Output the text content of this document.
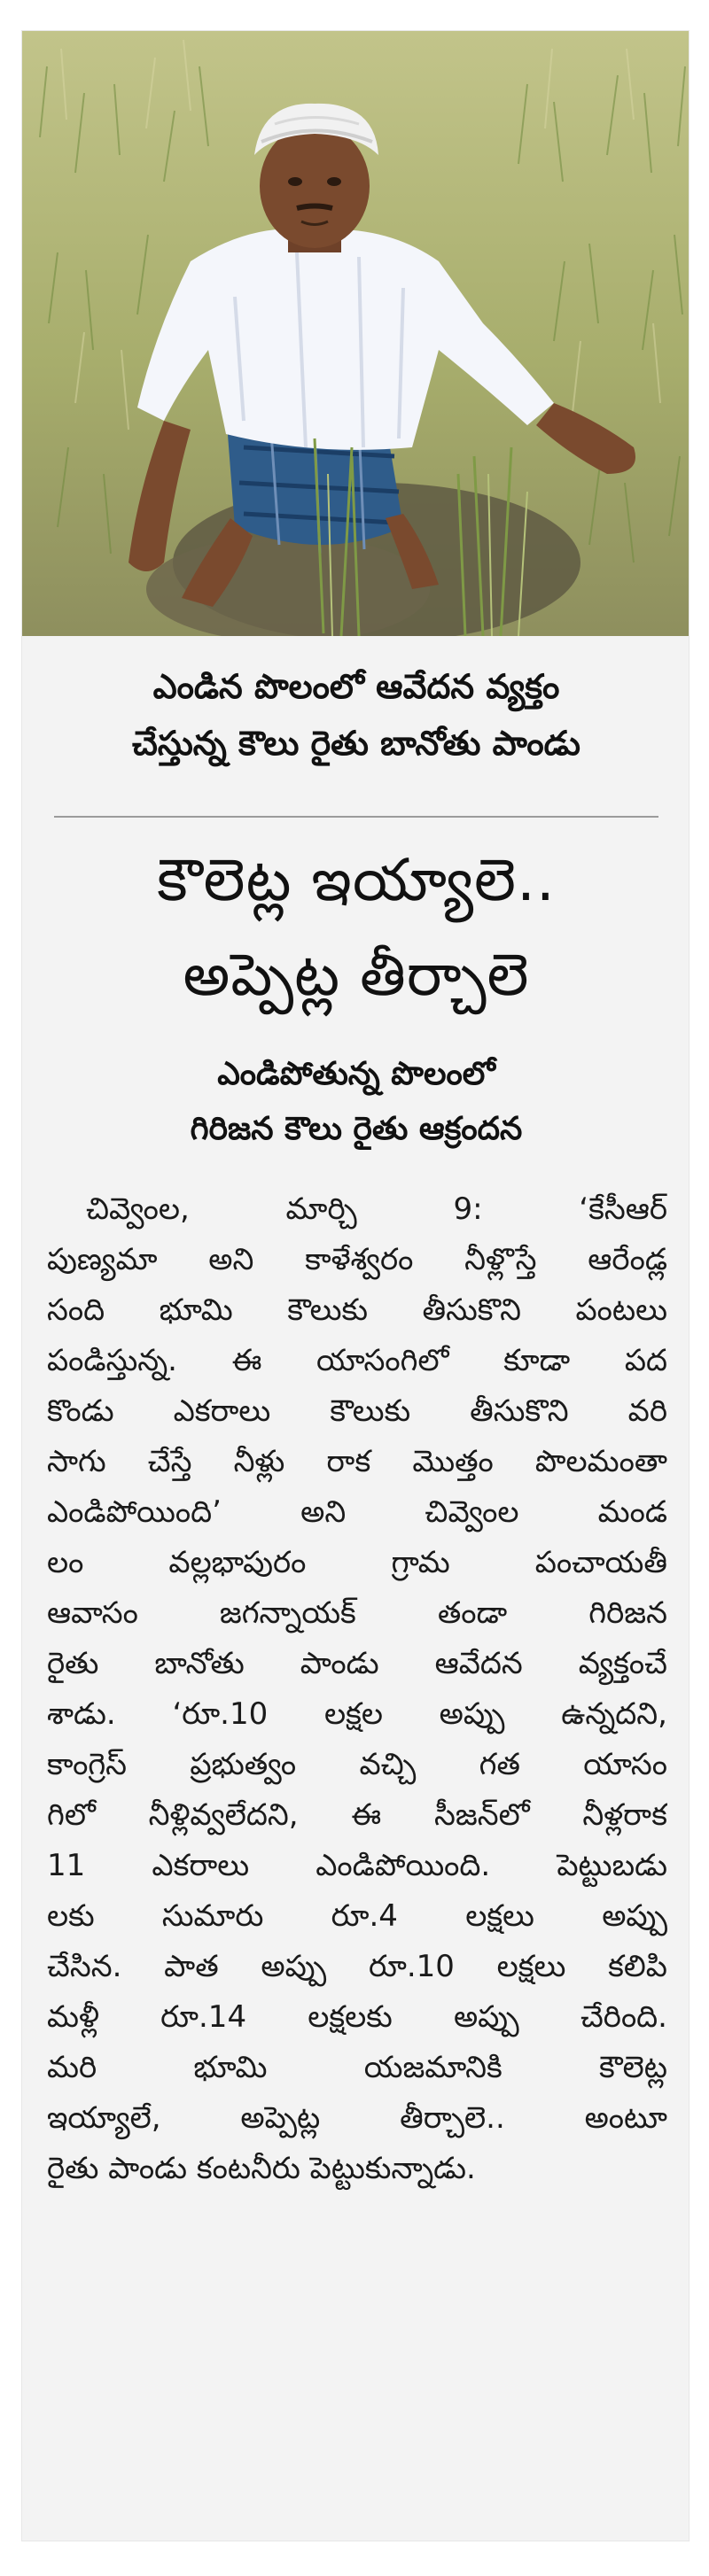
ఎండిన పొలంలో ఆవేదన వ్యక్తం
చేస్తున్న కౌలు రైతు బానోతు పాండు
కౌలెట్ల ఇయ్యాలె..
అప్పెట్ల తీర్చాలె
ఎండిపోతున్న పొలంలో
గిరిజన కౌలు రైతు ఆక్రందన
చివ్వెంల, మార్చి 9: ‘కేసీఆర్
పుణ్యమా అని కాళేశ్వరం నీళ్లొస్తే ఆరేండ్ల
సంది భూమి కౌలుకు తీసుకొని పంటలు
పండిస్తున్న. ఈ యాసంగిలో కూడా పద
కొండు ఎకరాలు కౌలుకు తీసుకొని వరి
సాగు చేస్తే నీళ్లు రాక మొత్తం పొలమంతా
ఎండిపోయింది’ అని చివ్వెంల మండ
లం వల్లభాపురం గ్రామ పంచాయతీ
ఆవాసం జగన్నాయక్ తండా గిరిజన
రైతు బానోతు పాండు ఆవేదన వ్యక్తంచే
శాడు. ‘రూ.10 లక్షల అప్పు ఉన్నదని,
కాంగ్రెస్ ప్రభుత్వం వచ్చి గత యాసం
గిలో నీళ్లివ్వలేదని, ఈ సీజన్‌లో నీళ్లరాక
11 ఎకరాలు ఎండిపోయింది. పెట్టుబడు
లకు సుమారు రూ.4 లక్షలు అప్పు
చేసిన. పాత అప్పు రూ.10 లక్షలు కలిపి
మళ్లీ రూ.14 లక్షలకు అప్పు చేరింది.
మరి భూమి యజమానికి కౌలెట్ల
ఇయ్యాలే, అప్పెట్ల తీర్చాలె.. అంటూ
రైతు పాండు కంటనీరు పెట్టుకున్నాడు.
